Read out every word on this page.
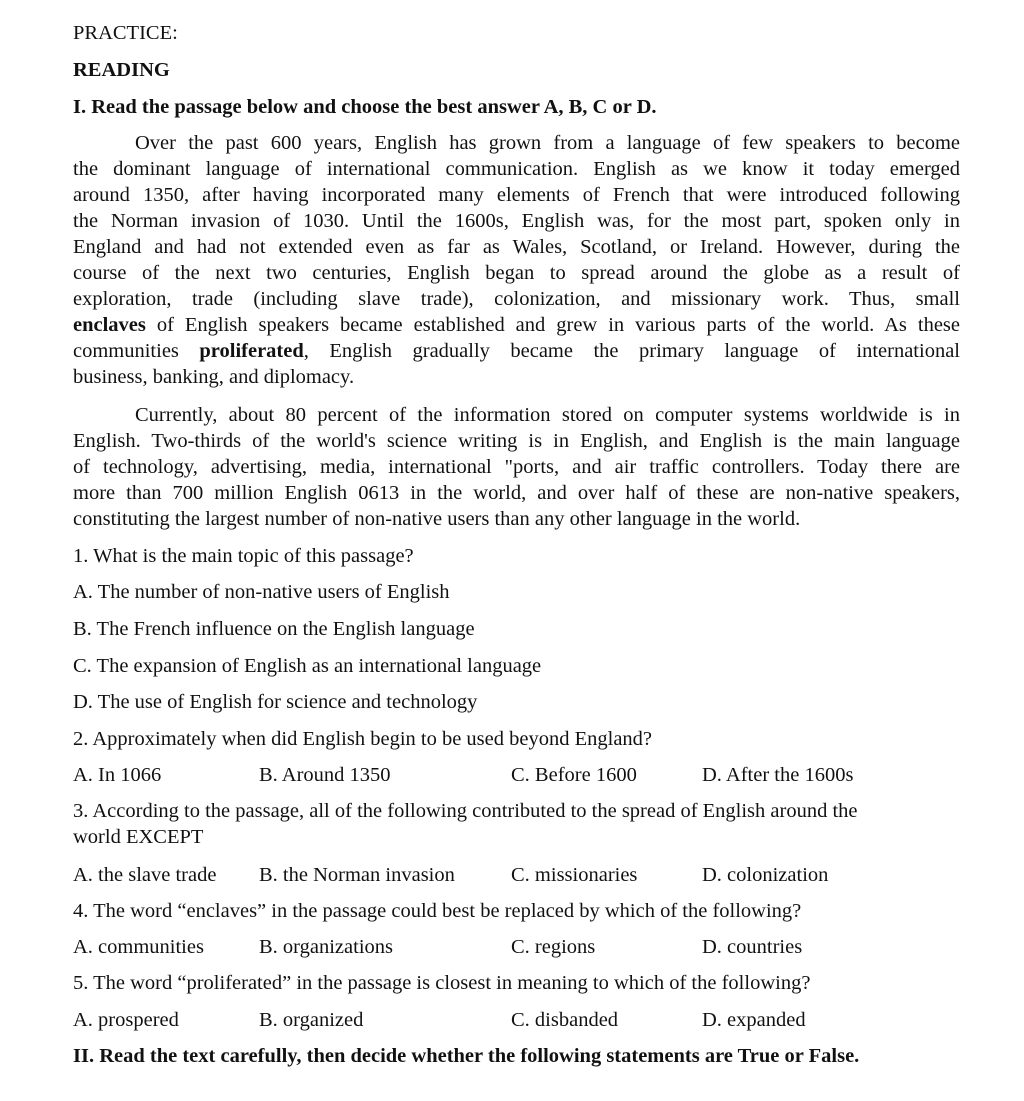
PRACTICE:
READING
I. Read the passage below and choose the best answer A, B, C or D.
Over the past 600 years, English has grown from a language of few speakers to become
the dominant language of international communication. English as we know it today emerged
around 1350, after having incorporated many elements of French that were introduced following
the Norman invasion of 1030. Until the 1600s, English was, for the most part, spoken only in
England and had not extended even as far as Wales, Scotland, or Ireland. However, during the
course of the next two centuries, English began to spread around the globe as a result of
exploration, trade (including slave trade), colonization, and missionary work. Thus, small
enclaves of English speakers became established and grew in various parts of the world. As these
communities proliferated, English gradually became the primary language of international
business, banking, and diplomacy.
Currently, about 80 percent of the information stored on computer systems worldwide is in
English. Two-thirds of the world's science writing is in English, and English is the main language
of technology, advertising, media, international "ports, and air traffic controllers. Today there are
more than 700 million English 0613 in the world, and over half of these are non-native speakers,
constituting the largest number of non-native users than any other language in the world.
1. What is the main topic of this passage?
A. The number of non-native users of English
B. The French influence on the English language
C. The expansion of English as an international language
D. The use of English for science and technology
2. Approximately when did English begin to be used beyond England?
A. In 1066	B. Around 1350	C. Before 1600	D. After the 1600s
3. According to the passage, all of the following contributed to the spread of English around the
world EXCEPT
A. the slave trade B. the Norman invasion	C. missionaries	D. colonization
4. The word “enclaves” in the passage could best be replaced by which of the following?
A. communities	B. organizations	C. regions	D. countries
5. The word “proliferated” in the passage is closest in meaning to which of the following?
A. prospered	B. organized	C. disbanded	D. expanded
II. Read the text carefully, then decide whether the following statements are True or False.
